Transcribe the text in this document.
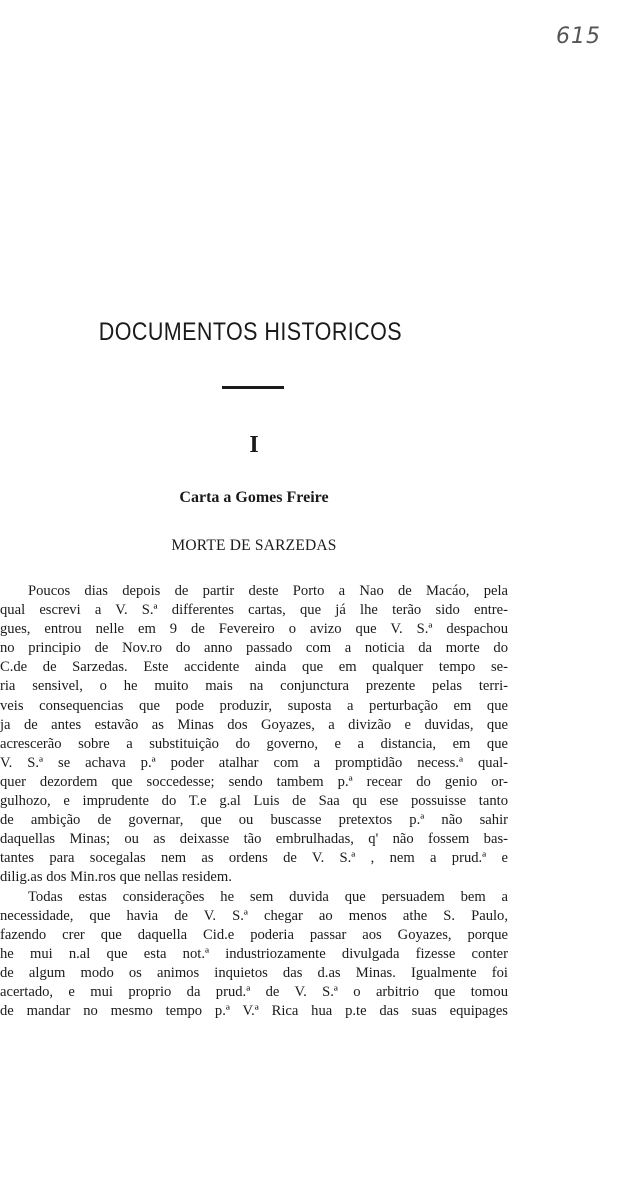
615
DOCUMENTOS HISTORICOS
I
Carta a Gomes Freire
MORTE DE SARZEDAS
Poucos dias depois de partir deste Porto a Nao de Macáo, pela
qual escrevi a V. S.ª differentes cartas, que já lhe terão sido entre-
gues, entrou nelle em 9 de Fevereiro o avizo que V. S.ª despachou
no principio de Nov.ro do anno passado com a noticia da morte do
C.de de Sarzedas. Este accidente ainda que em qualquer tempo se-
ria sensivel, o he muito mais na conjunctura prezente pelas terri-
veis consequencias que pode produzir, suposta a perturbação em que
ja de antes estavão as Minas dos Goyazes, a divizão e duvidas, que
acrescerão sobre a substituição do governo, e a distancia, em que
V. S.ª se achava p.ª poder atalhar com a promptidão necess.ª qual-
quer dezordem que soccedesse; sendo tambem p.ª recear do genio or-
gulhozo, e imprudente do T.e g.al Luis de Saa qu ese possuisse tanto
de ambição de governar, que ou buscasse pretextos p.ª não sahir
daquellas Minas; ou as deixasse tão embrulhadas, q' não fossem bas-
tantes para socegalas nem as ordens de V. S.ª , nem a prud.ª e
dilig.as dos Min.ros que nellas residem.
Todas estas considerações he sem duvida que persuadem bem a
necessidade, que havia de V. S.ª chegar ao menos athe S. Paulo,
fazendo crer que daquella Cid.e poderia passar aos Goyazes, porque
he mui n.al que esta not.ª industriozamente divulgada fizesse conter
de algum modo os animos inquietos das d.as Minas. Igualmente foi
acertado, e mui proprio da prud.ª de V. S.ª o arbitrio que tomou
de mandar no mesmo tempo p.ª V.ª Rica hua p.te das suas equipages
